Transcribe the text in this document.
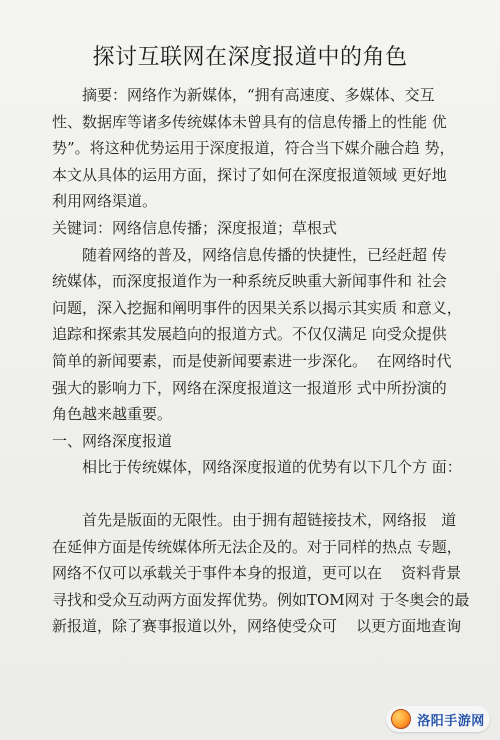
探讨互联网在深度报道中的角色
摘要：网络作为新媒体，“拥有高速度、多媒体、交互
性、数据库等诸多传统媒体未曾具有的信息传播上的性能 优
势”。将这种优势运用于深度报道，符合当下媒介融合趋 势，
本文从具体的运用方面，探讨了如何在深度报道领域 更好地
利用网络渠道。
关键词：网络信息传播；深度报道；草根式
随着网络的普及，网络信息传播的快捷性，已经赶超 传
统媒体，而深度报道作为一种系统反映重大新闻事件和 社会
问题，深入挖掘和阐明事件的因果关系以揭示其实质 和意义，
追踪和探索其发展趋向的报道方式。不仅仅满足 向受众提供
简单的新闻要素，而是使新闻要素进一步深化。  在网络时代
强大的影响力下，网络在深度报道这一报道形 式中所扮演的
角色越来越重要。
一、网络深度报道
相比于传统媒体，网络深度报道的优势有以下几个方 面：
首先是版面的无限性。由于拥有超链接技术，网络报   道
在延伸方面是传统媒体所无法企及的。对于同样的热点 专题，
网络不仅可以承载关于事件本身的报道，更可以在    资料背景
寻找和受众互动两方面发挥优势。例如TOM网对 于冬奥会的最
新报道，除了赛事报道以外，网络使受众可    以更方面地查询
洛阳手游网
